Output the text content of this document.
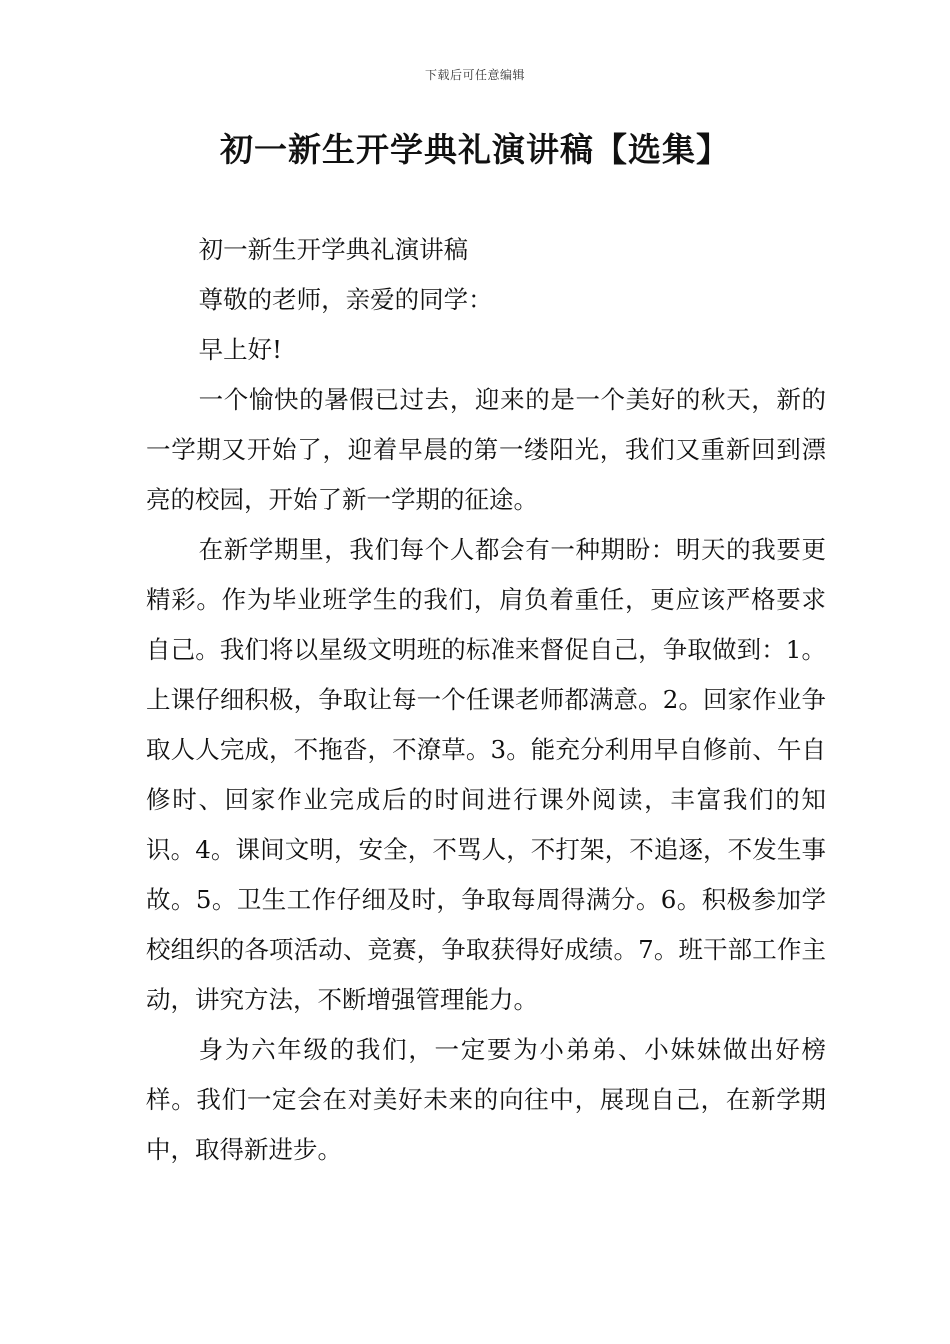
下载后可任意编辑
初一新生开学典礼演讲稿【选集】

初一新生开学典礼演讲稿

尊敬的老师，亲爱的同学：

早上好!

一个愉快的暑假已过去，迎来的是一个美好的秋天，新的一学期又开始了，迎着早晨的第一缕阳光，我们又重新回到漂亮的校园，开始了新一学期的征途。

在新学期里，我们每个人都会有一种期盼：明天的我要更精彩。作为毕业班学生的我们，肩负着重任，更应该严格要求自己。我们将以星级文明班的标准来督促自己，争取做到：1。上课仔细积极，争取让每一个任课老师都满意。2。回家作业争取人人完成，不拖沓，不潦草。3。能充分利用早自修前、午自修时、回家作业完成后的时间进行课外阅读，丰富我们的知识。4。课间文明，安全，不骂人，不打架，不追逐，不发生事故。5。卫生工作仔细及时，争取每周得满分。6。积极参加学校组织的各项活动、竞赛，争取获得好成绩。7。班干部工作主动，讲究方法，不断增强管理能力。

身为六年级的我们，一定要为小弟弟、小妹妹做出好榜样。我们一定会在对美好未来的向往中，展现自己，在新学期中，取得新进步。
